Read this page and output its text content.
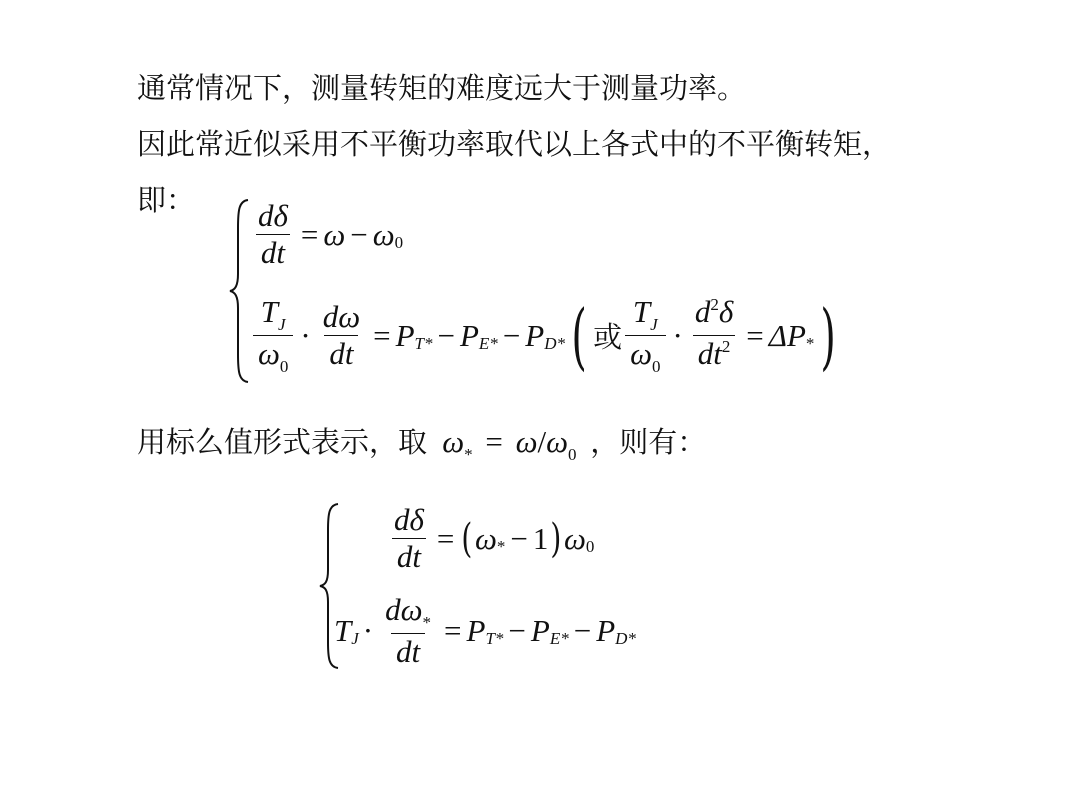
通常情况下，测量转矩的难度远大于测量功率。

因此常近似采用不平衡功率取代以上各式中的不平衡转矩，

即： $\frac{d\delta}{dt} = \omega - \omega$ 0
$\frac{T_J}{\omega_0} \cdot \frac{d\omega}{dt} = P$ T* − P E* − P D* ( 或 $\frac{T_J}{\omega_0} \cdot \frac{d^2\delta}{dt^2} = \Delta P$ * )

用标么值形式表示，取 $\omega_* = \omega/\omega_0$ ，则有：

$\frac{d\delta}{dt}$ = ( ω * − 1 ) ω 0
T $J \cdot \frac{d\omega_*}{dt} = P$ T* − P E* − P D*
